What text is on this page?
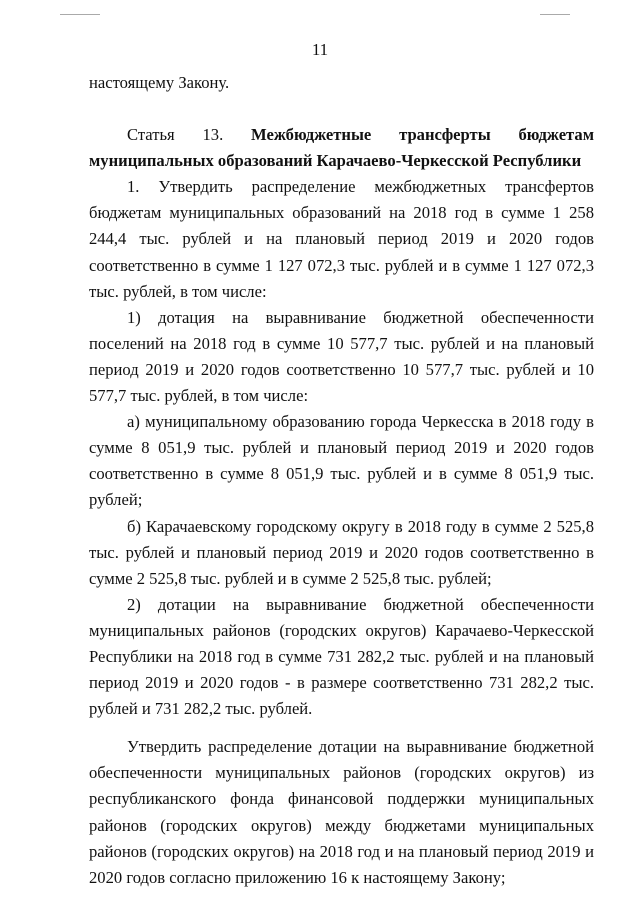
11

настоящему Закону.

Статья 13. Межбюджетные трансферты бюджетам муниципальных образований Карачаево-Черкесской Республики

1. Утвердить распределение межбюджетных трансфертов бюджетам муниципальных образований на 2018 год в сумме 1 258 244,4 тыс. рублей и на плановый период 2019 и 2020 годов соответственно в сумме 1 127 072,3 тыс. рублей и в сумме 1 127 072,3 тыс. рублей, в том числе:

1) дотация на выравнивание бюджетной обеспеченности поселений на 2018 год в сумме 10 577,7 тыс. рублей и на плановый период 2019 и 2020 годов соответственно 10 577,7 тыс. рублей и 10 577,7 тыс. рублей, в том числе:

а) муниципальному образованию города Черкесска в 2018 году в сумме 8 051,9 тыс. рублей и плановый период 2019 и 2020 годов соответственно в сумме 8 051,9 тыс. рублей и в сумме 8 051,9 тыс. рублей;

б) Карачаевскому городскому округу в 2018 году в сумме 2 525,8 тыс. рублей и плановый период 2019 и 2020 годов соответственно в сумме 2 525,8 тыс. рублей и в сумме 2 525,8 тыс. рублей;

2) дотации на выравнивание бюджетной обеспеченности муниципальных районов (городских округов) Карачаево-Черкесской Республики на 2018 год в сумме 731 282,2 тыс. рублей и на плановый период 2019 и 2020 годов - в размере соответственно 731 282,2 тыс. рублей и 731 282,2 тыс. рублей.

Утвердить распределение дотации на выравнивание бюджетной обеспеченности муниципальных районов (городских округов) из республиканского фонда финансовой поддержки муниципальных районов (городских округов) между бюджетами муниципальных районов (городских округов) на 2018 год и на плановый период 2019 и 2020 годов согласно приложению 16 к настоящему Закону;
